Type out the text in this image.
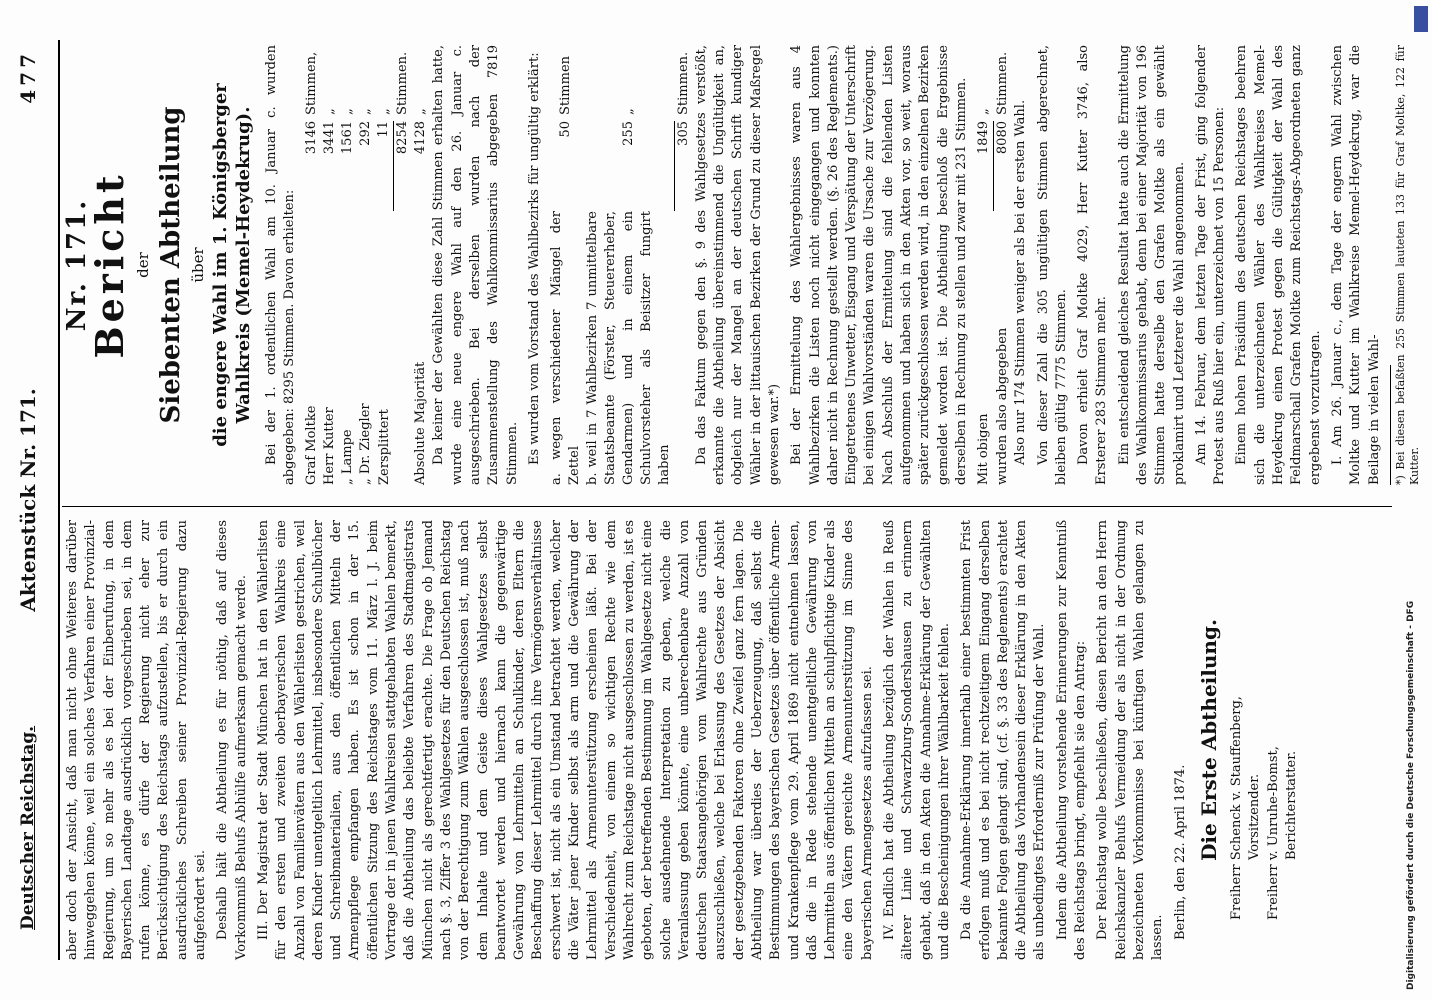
Digitalisierung gefördert durch die Deutsche Forschungsgemeinschaft - DFG
Deutscher Reichstag.
Aktenstück Nr. 171.
477

aber doch der Ansicht, daß man nicht ohne Weiteres darüber hinweggehen könne, weil ein solches Verfahren einer Provinzial-Regierung, um so mehr als es bei der Einberufung, in dem Bayerischen Landtage ausdrücklich vorgeschrieben sei, in dem rufen könne, es dürfe der Regierung nicht eher zur Berücksichtigung des Reichstags aufzustellen, bis er durch ein ausdrückliches Schreiben seiner Provinzial-Regierung dazu aufgefordert sei. Deshalb hält die Abtheilung es für nöthig, daß auf dieses Vorkommniß Behufs Abhülfe aufmerksam gemacht werde. III. Der Magistrat der Stadt München hat in den Wählerlisten für den ersten und zweiten oberbayerischen Wahlkreis eine Anzahl von Familienvätern aus den Wählerlisten gestrichen, weil deren Kinder unentgeltlich Lehrmittel, insbesondere Schulbücher und Schreibmaterialien, aus den öffentlichen Mitteln der Armenpflege empfangen haben. Es ist schon in der 15. öffentlichen Sitzung des Reichstages vom 11. März l. J. beim Vortrage der in jenen Wahlkreisen stattgehabten Wahlen bemerkt, daß die Abtheilung das beliebte Verfahren des Stadtmagistrats München nicht als gerechtfertigt erachte. Die Frage ob Jemand nach §. 3, Ziffer 3 des Wahlgesetzes für den Deutschen Reichstag von der Berechtigung zum Wählen ausgeschlossen ist, muß nach dem Inhalte und dem Geiste dieses Wahlgesetzes selbst beantwortet werden und hiernach kann die gegenwärtige Gewährung von Lehrmitteln an Schulkinder, deren Eltern die Beschaffung dieser Lehrmittel durch ihre Vermögensverhältnisse erschwert ist, nicht als ein Umstand betrachtet werden, welcher die Väter jener Kinder selbst als arm und die Gewährung der Lehrmittel als Armenunterstützung erscheinen läßt. Bei der Verschiedenheit, von einem so wichtigen Rechte wie dem Wahlrecht zum Reichstage nicht ausgeschlossen zu werden, ist es geboten, der betreffenden Bestimmung im Wahlgesetze nicht eine solche ausdehnende Interpretation zu geben, welche die Veranlassung geben könnte, eine unberechenbare Anzahl von deutschen Staatsangehörigen vom Wahlrechte aus Gründen auszuschließen, welche bei Erlassung des Gesetzes der Absicht der gesetzgebenden Faktoren ohne Zweifel ganz fern lagen. Die Abtheilung war überdies der Ueberzeugung, daß selbst die Bestimmungen des bayerischen Gesetzes über öffentliche Armen- und Krankenpflege vom 29. April 1869 nicht entnehmen lassen, daß die in Rede stehende unentgeltliche Gewährung von Lehrmitteln aus öffentlichen Mitteln an schulpflichtige Kinder als eine den Vätern gereichte Armenunterstützung im Sinne des bayerischen Armengesetzes aufzufassen sei. IV. Endlich hat die Abtheilung bezüglich der Wahlen in Reuß älterer Linie und Schwarzburg-Sondershausen zu erinnern gehabt, daß in den Akten die Annahme-Erklärung der Gewählten und die Bescheinigungen ihrer Wählbarkeit fehlen. Da die Annahme-Erklärung innerhalb einer bestimmten Frist erfolgen muß und es bei nicht rechtzeitigem Eingang derselben bekannte Folgen gelangt sind, (cf. §. 33 des Reglements) erachtet die Abtheilung das Vorhandensein dieser Erklärung in den Akten als unbedingtes Erforderniß zur Prüfung der Wahl. Indem die Abtheilung vorstehende Erinnerungen zur Kenntniß des Reichstags bringt, empfiehlt sie den Antrag: Der Reichstag wolle beschließen, diesen Bericht an den Herrn Reichskanzler Behufs Vermeidung der als nicht in der Ordnung bezeichneten Vorkommnisse bei künftigen Wahlen gelangen zu lassen. Berlin, den 22. April 1874. Die Erste Abtheilung. Freiherr Schenck v. Stauffenberg, Vorsitzender. Freiherr v. Unruhe-Bomst, Berichterstatter.

Nr. 171.

Bericht der Siebenten Abtheilung über die engere Wahl im 1. Königsberger Wahlkreis (Memel-Heydekrug). Bei der 1. ordentlichen Wahl am 10. Januar c. wurden abgegeben: 8295 Stimmen. Davon erhielten: Graf Moltke	3146	Stimmen,
Herr Kutter	3441	„
„ Lampe	1561	„
„ Dr. Ziegler	292	„
Zersplittert	11	„
	8254	Stimmen.
Absolute Majorität	4128	„ Da keiner der Gewählten diese Zahl Stimmen erhalten hatte, wurde eine neue engere Wahl auf den 26. Januar c. ausgeschrieben. Bei derselben wurden nach der Zusammenstellung des Wahlkommissarius abgegeben 7819 Stimmen. Es wurden vom Vorstand des Wahlbezirks für ungültig erklärt: a. wegen verschiedener Mängel der Zettel	50	Stimmen
b. weil in 7 Wahlbezirken 7 unmittelbare Staatsbeamte (Förster, Steuererheber, Gendarmen) und in einem ein Schulvorsteher als Beisitzer fungirt haben	255	„
	305	Stimmen. Da das Faktum gegen den §. 9 des Wahlgesetzes verstößt, erkannte die Abtheilung übereinstimmend die Ungültigkeit an, obgleich nur der Mangel an der deutschen Schrift kundiger Wähler in der littauischen Bezirken der Grund zu dieser Maßregel gewesen war.*) Bei der Ermittelung des Wahlergebnisses waren aus 4 Wahlbezirken die Listen noch nicht eingegangen und konnten daher nicht in Rechnung gestellt werden. (§. 26 des Reglements.) Eingetretenes Unwetter, Eisgang und Verspätung der Unterschrift bei einigen Wahlvorständen waren die Ursache zur Verzögerung. Nach Abschluß der Ermittelung sind die fehlenden Listen aufgenommen und haben sich in den Akten vor, so weit, woraus später zurückgeschlossen werden wird, in den einzelnen Bezirken gemeldet worden ist. Die Abtheilung beschloß die Ergebnisse derselben in Rechnung zu stellen und zwar mit 231 Stimmen. Mit obigen	1849	„
wurden also abgegeben	8080	Stimmen.

Also nur 174 Stimmen weniger als bei der ersten Wahl. Von dieser Zahl die 305 ungültigen Stimmen abgerechnet, bleiben gültig 7775 Stimmen. Davon erhielt Graf Moltke 4029, Herr Kutter 3746, also Ersterer 283 Stimmen mehr. Ein entscheidend gleiches Resultat hatte auch die Ermittelung des Wahlkommissarius gehabt, denn bei einer Majorität von 196 Stimmen hatte derselbe den Grafen Moltke als ein gewählt proklamirt und Letzterer die Wahl angenommen. Am 14. Februar, dem letzten Tage der Frist, ging folgender Protest aus Ruß hier ein, unterzeichnet von 15 Personen: Einem hohen Präsidium des deutschen Reichstages beehren sich die unterzeichneten Wähler des Wahlkreises Memel-Heydekrug einen Protest gegen die Gültigkeit der Wahl des Feldmarschall Grafen Moltke zum Reichstags-Abgeordneten ganz ergebenst vorzutragen. I. Am 26. Januar c., dem Tage der engern Wahl zwischen Moltke und Kutter im Wahlkreise Memel-Heydekrug, war die Beilage in vielen Wahl- *) Bei diesen befaßten 255 Stimmen lauteten 133 für Graf Moltke, 122 für Kutter.
